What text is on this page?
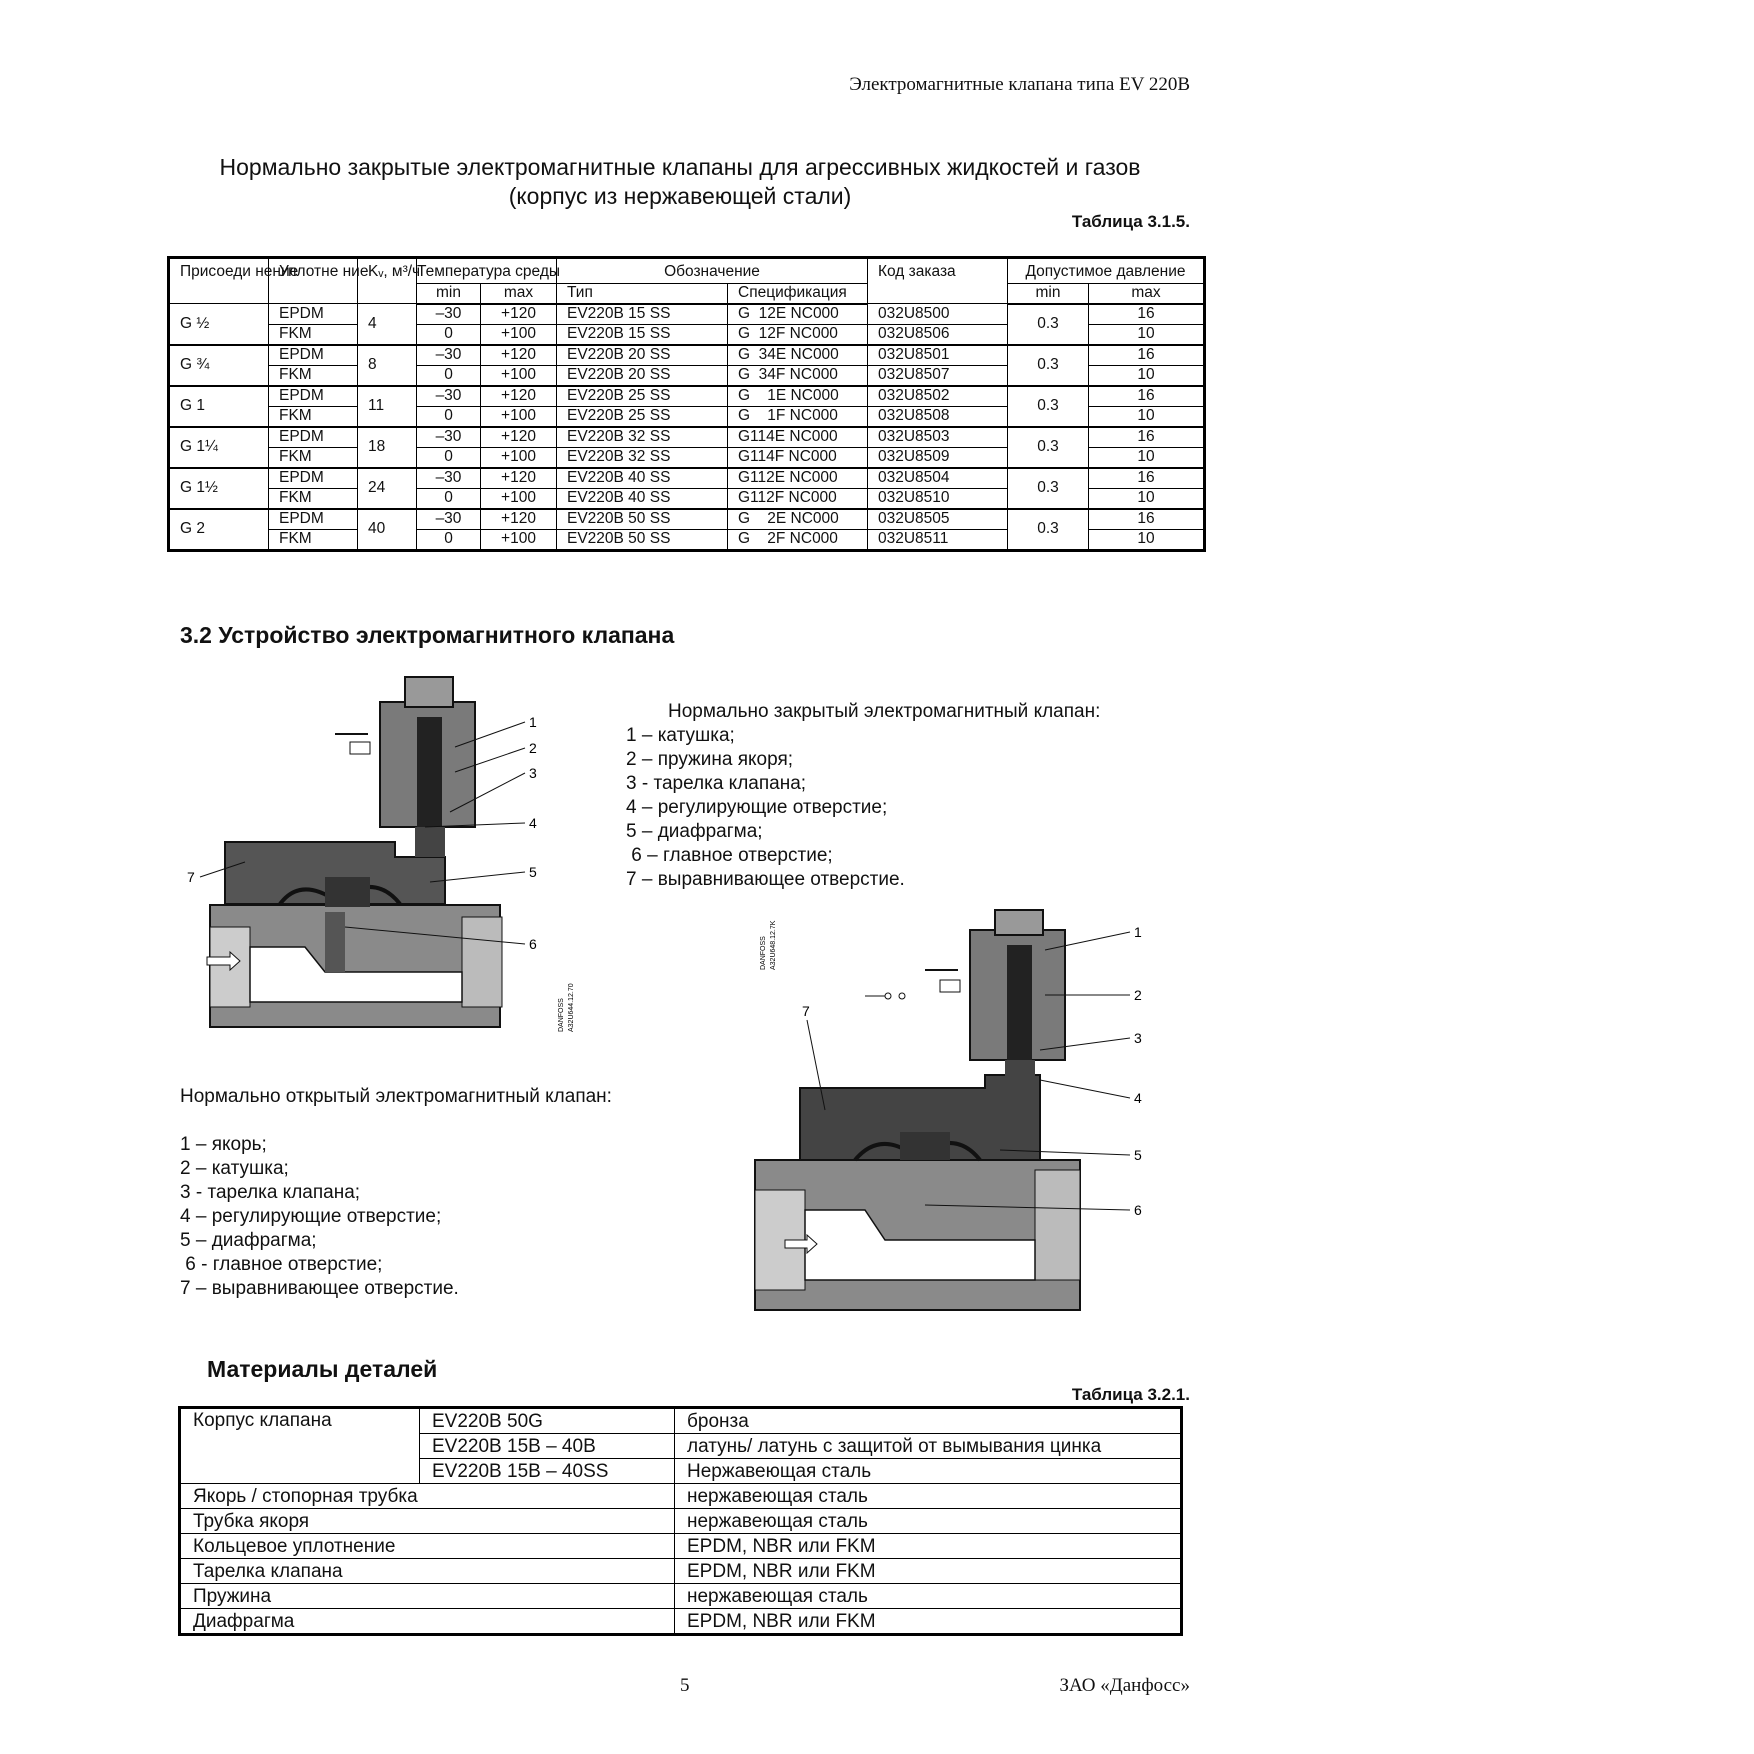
Электромагнитные клапана типа EV 220B
Нормально закрытые электромагнитные клапаны для агрессивных жидкостей и газов
(корпус из нержавеющей стали)
Таблица 3.1.5.
Присоеди нение	Уплотне ние	Kᵥ, м³/ч	Температура среды		Обозначение		Код заказа	Допустимое давление	
			min	max	Тип	Спецификация		min	max
G ½	EPDM	4	–30	+120	EV220B 15 SS	G  12E NC000	032U8500	0.3	16
	FKM		0	+100	EV220B 15 SS	G  12F NC000	032U8506		10
G ¾	EPDM	8	–30	+120	EV220B 20 SS	G  34E NC000	032U8501	0.3	16
	FKM		0	+100	EV220B 20 SS	G  34F NC000	032U8507		10
G 1	EPDM	11	–30	+120	EV220B 25 SS	G    1E NC000	032U8502	0.3	16
	FKM		0	+100	EV220B 25 SS	G    1F NC000	032U8508		10
G 1¼	EPDM	18	–30	+120	EV220B 32 SS	G114E NC000	032U8503	0.3	16
	FKM		0	+100	EV220B 32 SS	G114F NC000	032U8509		10
G 1½	EPDM	24	–30	+120	EV220B 40 SS	G112E NC000	032U8504	0.3	16
	FKM		0	+100	EV220B 40 SS	G112F NC000	032U8510		10
G 2	EPDM	40	–30	+120	EV220B 50 SS	G    2E NC000	032U8505	0.3	16
	FKM		0	+100	EV220B 50 SS	G    2F NC000	032U8511		10
3.2 Устройство электромагнитного клапана
1
2
3
4
5
6
7
DANFOSS A32U644.12.70
Нормально закрытый электромагнитный клапан:
1 – катушка;
2 – пружина якоря;
3 - тарелка клапана;
4 – регулирующие отверстие;
5 – диафрагма;
6 – главное отверстие;
7 – выравнивающее отверстие.
1
2
3
4
5
6
7
DANFOSS A32U648.12.7K
Нормально открытый электромагнитный клапан:
1 – якорь;
2 – катушка;
3 - тарелка клапана;
4 – регулирующие отверстие;
5 – диафрагма;
6 - главное отверстие;
7 – выравнивающее отверстие.
Материалы деталей
Таблица 3.2.1.
Корпус клапана	EV220B 50G	бронза
	EV220B 15B – 40B	латунь/ латунь с защитой от вымывания цинка
	EV220B 15B – 40SS	Нержавеющая сталь
Якорь / стопорная трубка		нержавеющая сталь
Трубка якоря		нержавеющая сталь
Кольцевое уплотнение		EPDM, NBR или FKM
Тарелка клапана		EPDM, NBR или FKM
Пружина		нержавеющая сталь
Диафрагма		EPDM, NBR или FKM
5	ЗАО «Данфосс»
